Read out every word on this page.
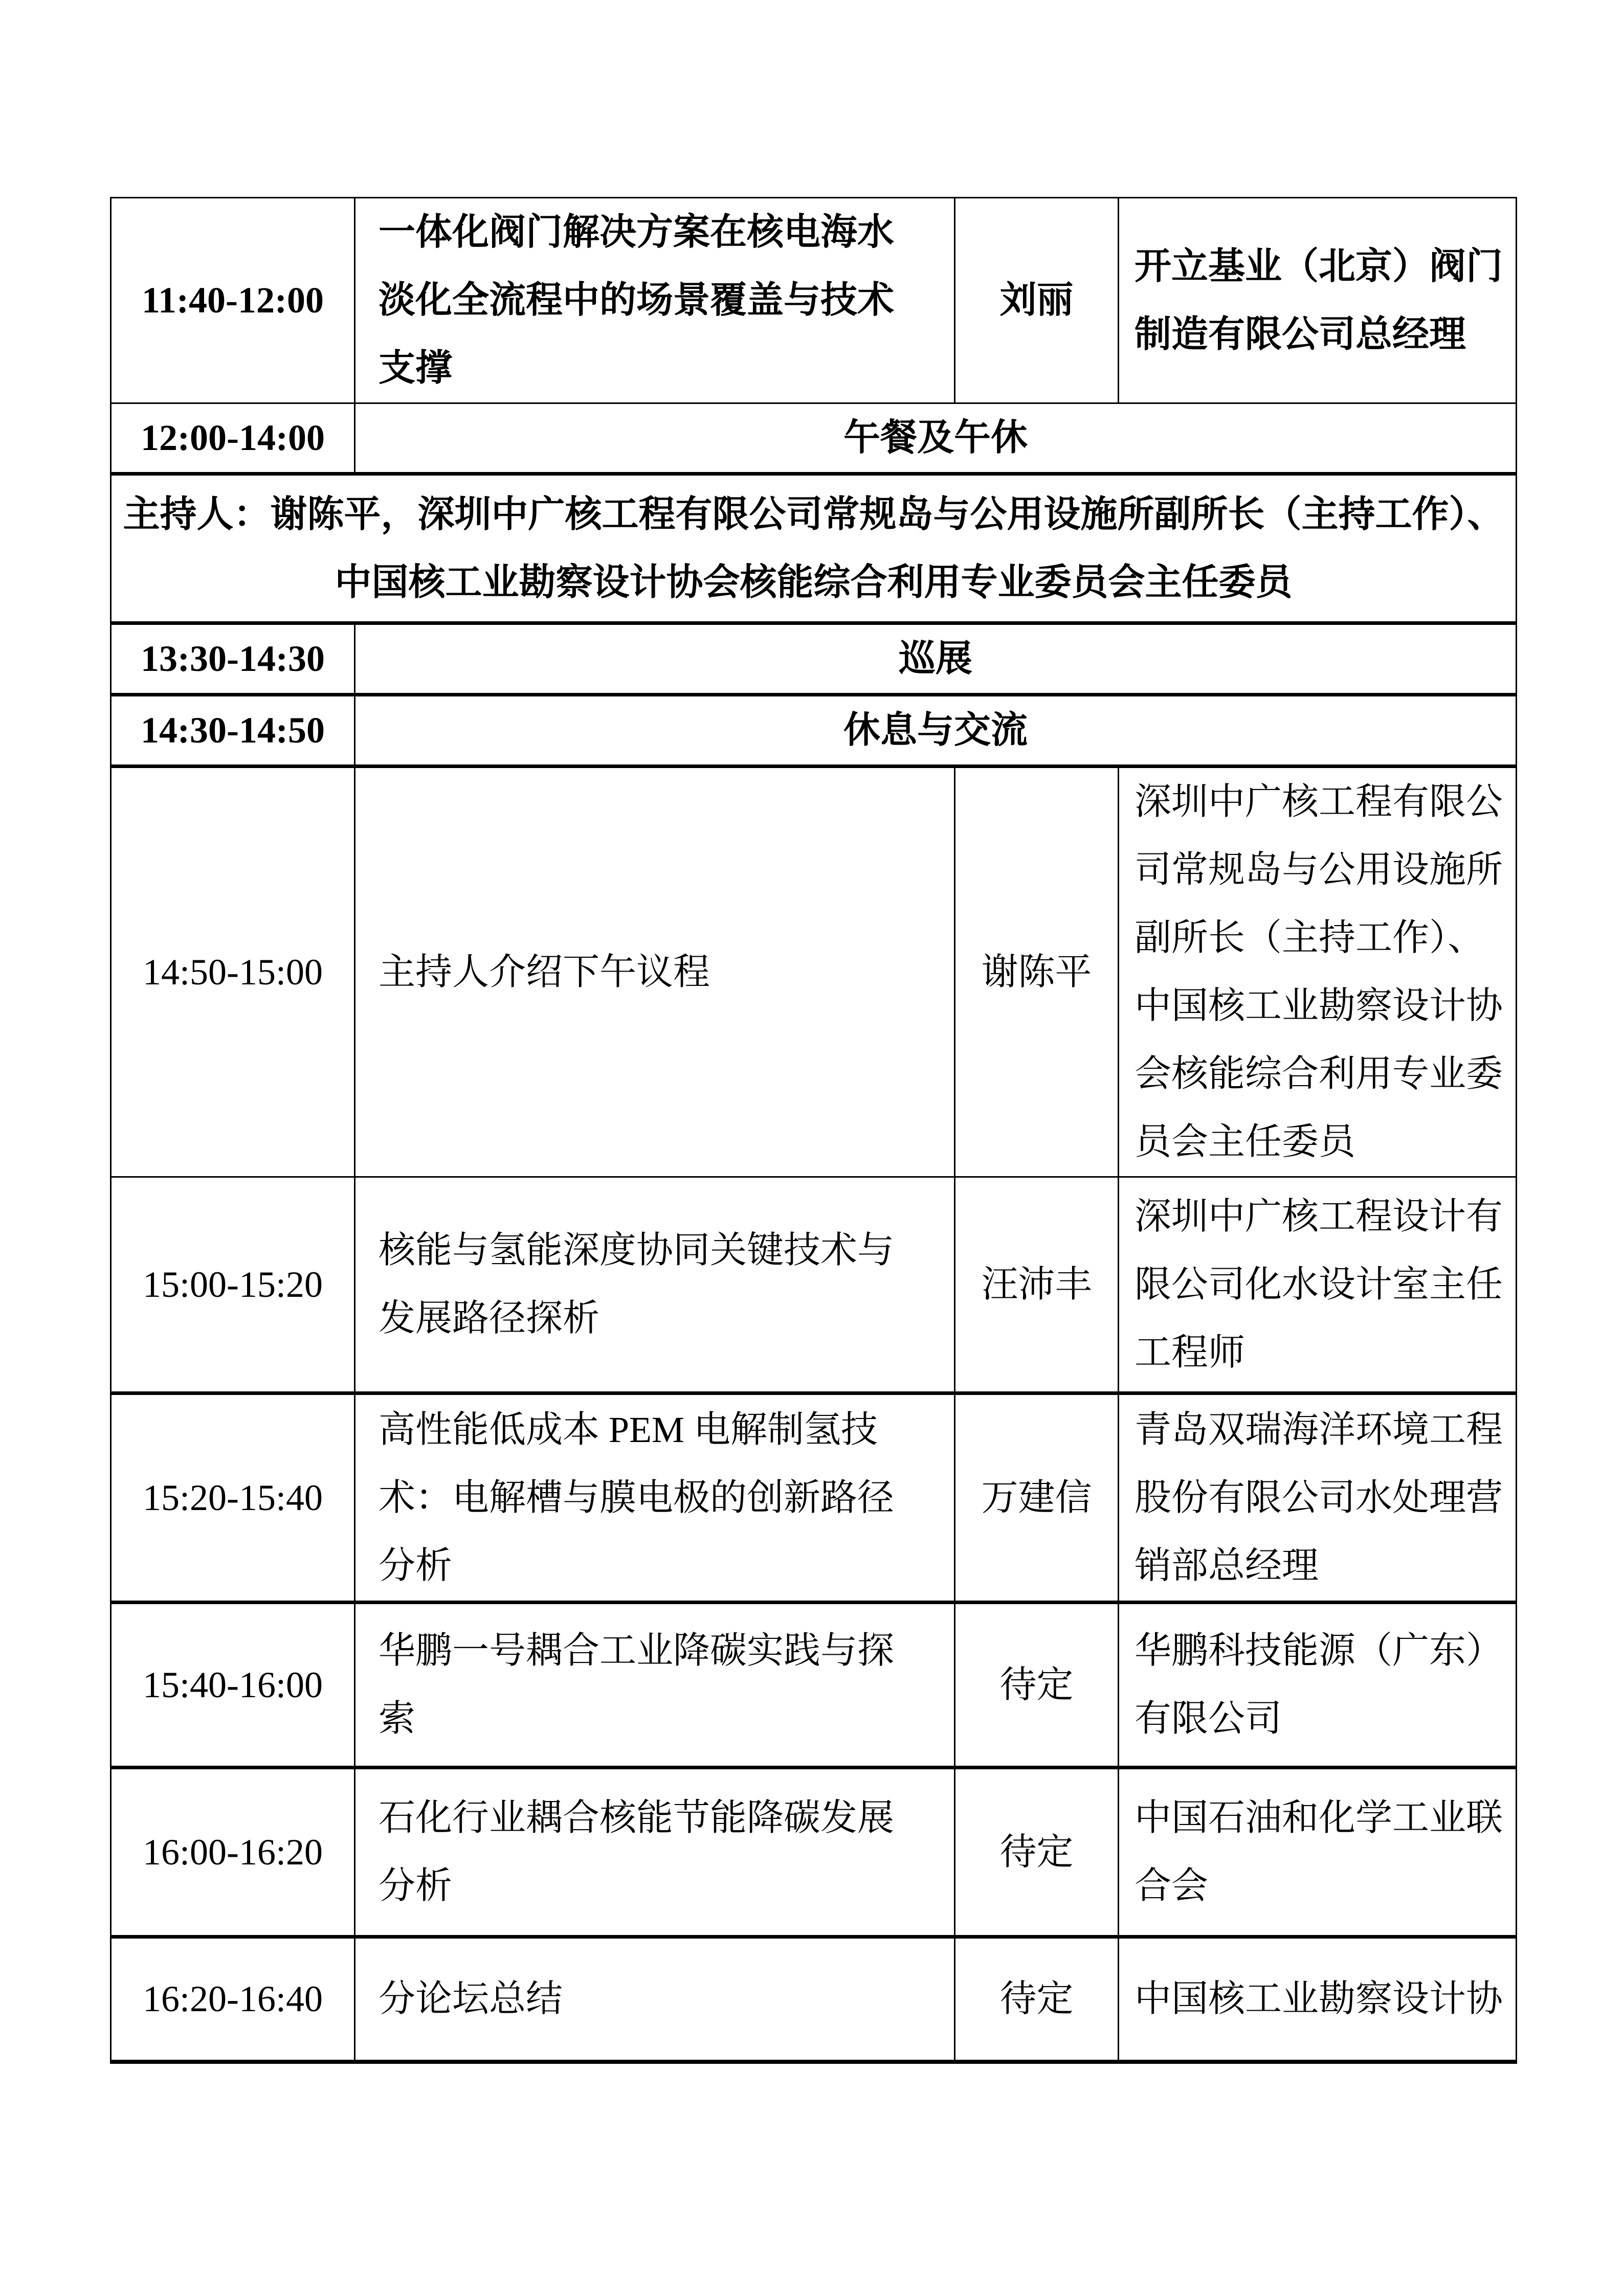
11:40-12:00	一体化阀门解决方案在核电海水淡化全流程中的场景覆盖与技术支撑	刘丽	开立基业（北京）阀门制造有限公司总经理
12:00-14:00	午餐及午休		

主持人：谢陈平，深圳中广核工程有限公司常规岛与公用设施所副所长（主持工作）、
中国核工业勘察设计协会核能综合利用专业委员会主任委员			

13:30-14:30	巡展		
14:30-14:50	休息与交流		
14:50-15:00	主持人介绍下午议程	谢陈平	深圳中广核工程有限公司常规岛与公用设施所副所长（主持工作）、中国核工业勘察设计协会核能综合利用专业委员会主任委员
15:00-15:20	核能与氢能深度协同关键技术与发展路径探析	汪沛丰	深圳中广核工程设计有限公司化水设计室主任工程师
15:20-15:40	高性能低成本 PEM 电解制氢技术：电解槽与膜电极的创新路径分析	万建信	青岛双瑞海洋环境工程股份有限公司水处理营销部总经理
15:40-16:00	华鹏一号耦合工业降碳实践与探索	待定	华鹏科技能源（广东）有限公司
16:00-16:20	石化行业耦合核能节能降碳发展分析	待定	中国石油和化学工业联合会
16:20-16:40	分论坛总结	待定	中国核工业勘察设计协
